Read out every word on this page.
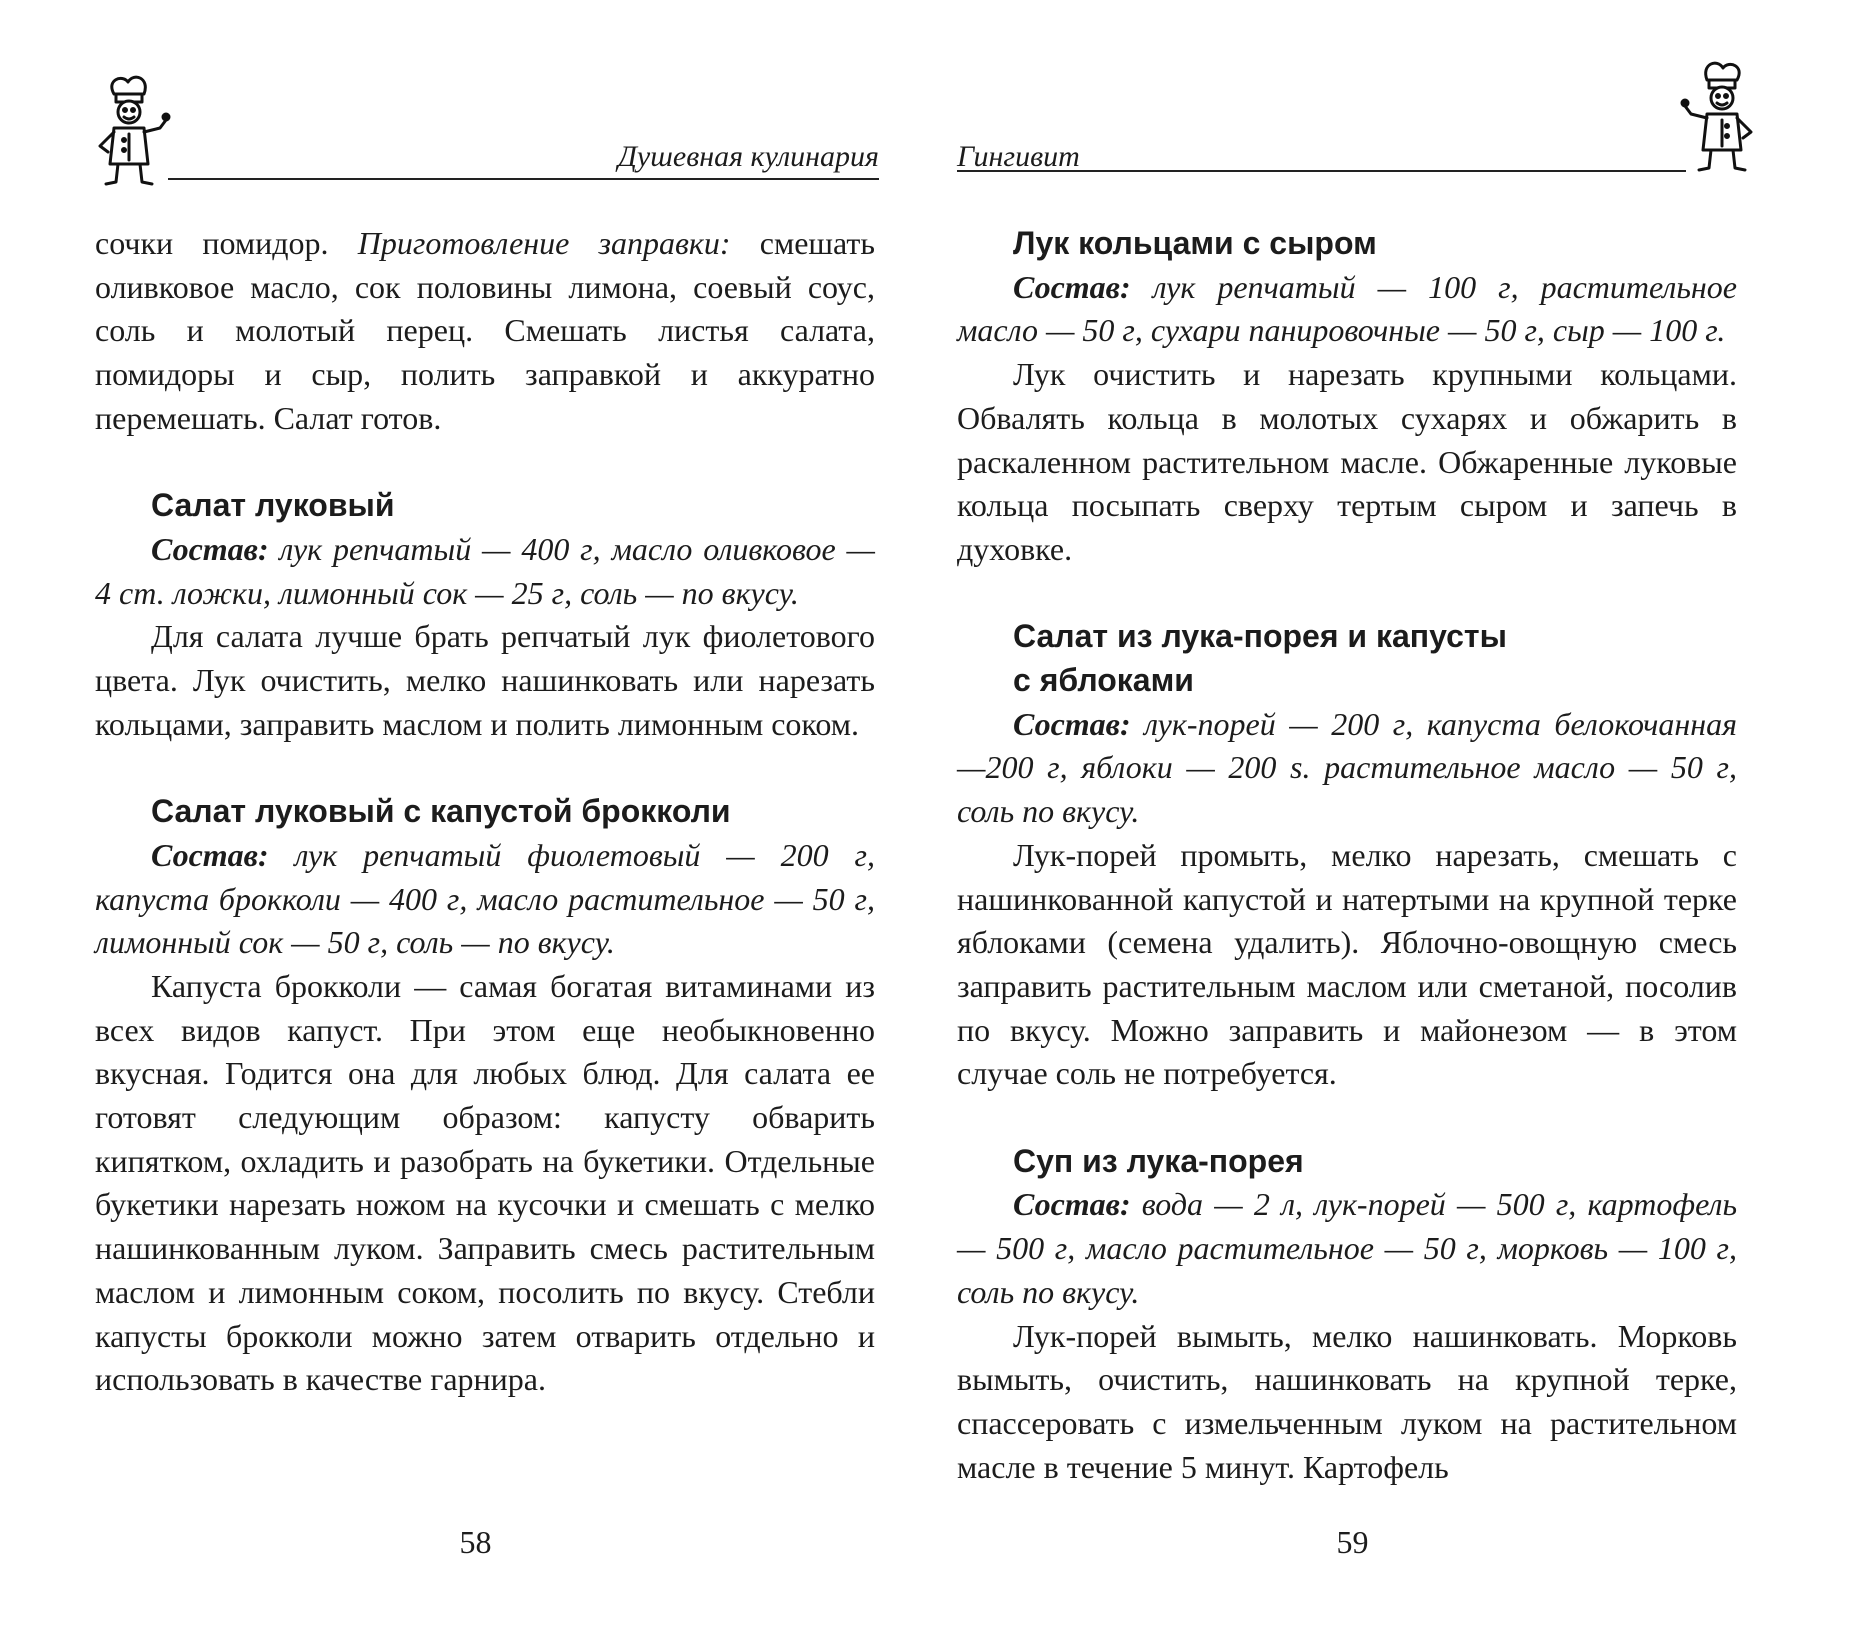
Душевная кулинария

сочки помидор. Приготовление заправки: смешать оливковое масло, сок половины лимона, соевый соус, соль и молотый перец. Смешать листья салата, помидоры и сыр, полить заправкой и аккуратно перемешать. Салат готов.

Салат луковый

Состав: лук репчатый — 400 г, масло оливковое — 4 ст. ложки, лимонный сок — 25 г, соль — по вкусу.

Для салата лучше брать репчатый лук фиолетового цвета. Лук очистить, мелко нашинковать или нарезать кольцами, заправить маслом и полить лимонным соком.

Салат луковый с капустой брокколи

Состав: лук репчатый фиолетовый — 200 г, капуста брокколи — 400 г, масло растительное — 50 г, лимонный сок — 50 г, соль — по вкусу.

Капуста брокколи — самая богатая витаминами из всех видов капуст. При этом еще необыкновенно вкусная. Годится она для любых блюд. Для салата ее готовят следующим образом: капусту обварить кипятком, охладить и разобрать на букетики. Отдельные букетики нарезать ножом на кусочки и смешать с мелко нашинкованным луком. Заправить смесь растительным маслом и лимонным соком, посолить по вкусу. Стебли капусты брокколи можно затем отварить отдельно и использовать в качестве гарнира.

58
Гингивит
Лук кольцами с сыром

Состав: лук репчатый — 100 г, растительное масло — 50 г, сухари панировочные — 50 г, сыр — 100 г.

Лук очистить и нарезать крупными кольцами. Обвалять кольца в молотых сухарях и обжарить в раскаленном растительном масле. Обжаренные луковые кольца посыпать сверху тертым сыром и запечь в духовке.

Салат из лука-порея и капусты
с яблоками

Состав: лук-порей — 200 г, капуста белокочанная —200 г, яблоки — 200 s. растительное масло — 50 г, соль по вкусу.

Лук-порей промыть, мелко нарезать, смешать с нашинкованной капустой и натертыми на крупной терке яблоками (семена удалить). Яблочно-овощную смесь заправить растительным маслом или сметаной, посолив по вкусу. Можно заправить и майонезом — в этом случае соль не потребуется.

Суп из лука-порея

Состав: вода — 2 л, лук-порей — 500 г, картофель — 500 г, масло растительное — 50 г, морковь — 100 г, соль по вкусу.

Лук-порей вымыть, мелко нашинковать. Морковь вымыть, очистить, нашинковать на крупной терке, спассеровать с измельченным луком на растительном масле в течение 5 минут. Картофель

59
